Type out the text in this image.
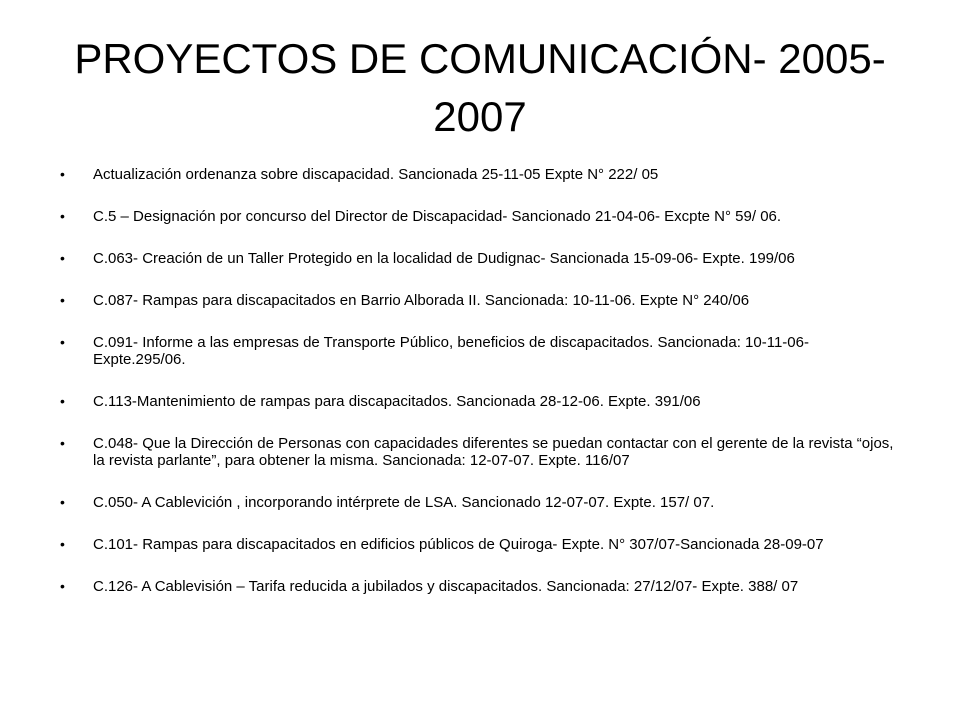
PROYECTOS DE COMUNICACIÓN- 2005-2007
• Actualización ordenanza sobre discapacidad. Sancionada 25-11-05 Expte N° 222/ 05
• C.5 – Designación por concurso del Director de Discapacidad- Sancionado 21-04-06- Excpte N° 59/ 06.
• C.063- Creación de un Taller Protegido en la localidad de Dudignac- Sancionada 15-09-06- Expte. 199/06
• C.087- Rampas para discapacitados en Barrio Alborada II. Sancionada: 10-11-06. Expte N° 240/06
• C.091- Informe a las empresas de Transporte Público, beneficios de discapacitados. Sancionada: 10-11-06- Expte.295/06.
• C.113-Mantenimiento de rampas para discapacitados. Sancionada 28-12-06. Expte. 391/06
• C.048- Que la Dirección de Personas con capacidades diferentes se puedan contactar con el gerente de la revista “ojos, la revista parlante”, para obtener la misma. Sancionada: 12-07-07. Expte. 116/07
• C.050- A Cablevición , incorporando intérprete de LSA. Sancionado 12-07-07. Expte. 157/ 07.
• C.101- Rampas para discapacitados en edificios públicos de Quiroga- Expte. N° 307/07-Sancionada 28-09-07
• C.126- A Cablevisión – Tarifa reducida a jubilados y discapacitados. Sancionada: 27/12/07- Expte. 388/ 07
